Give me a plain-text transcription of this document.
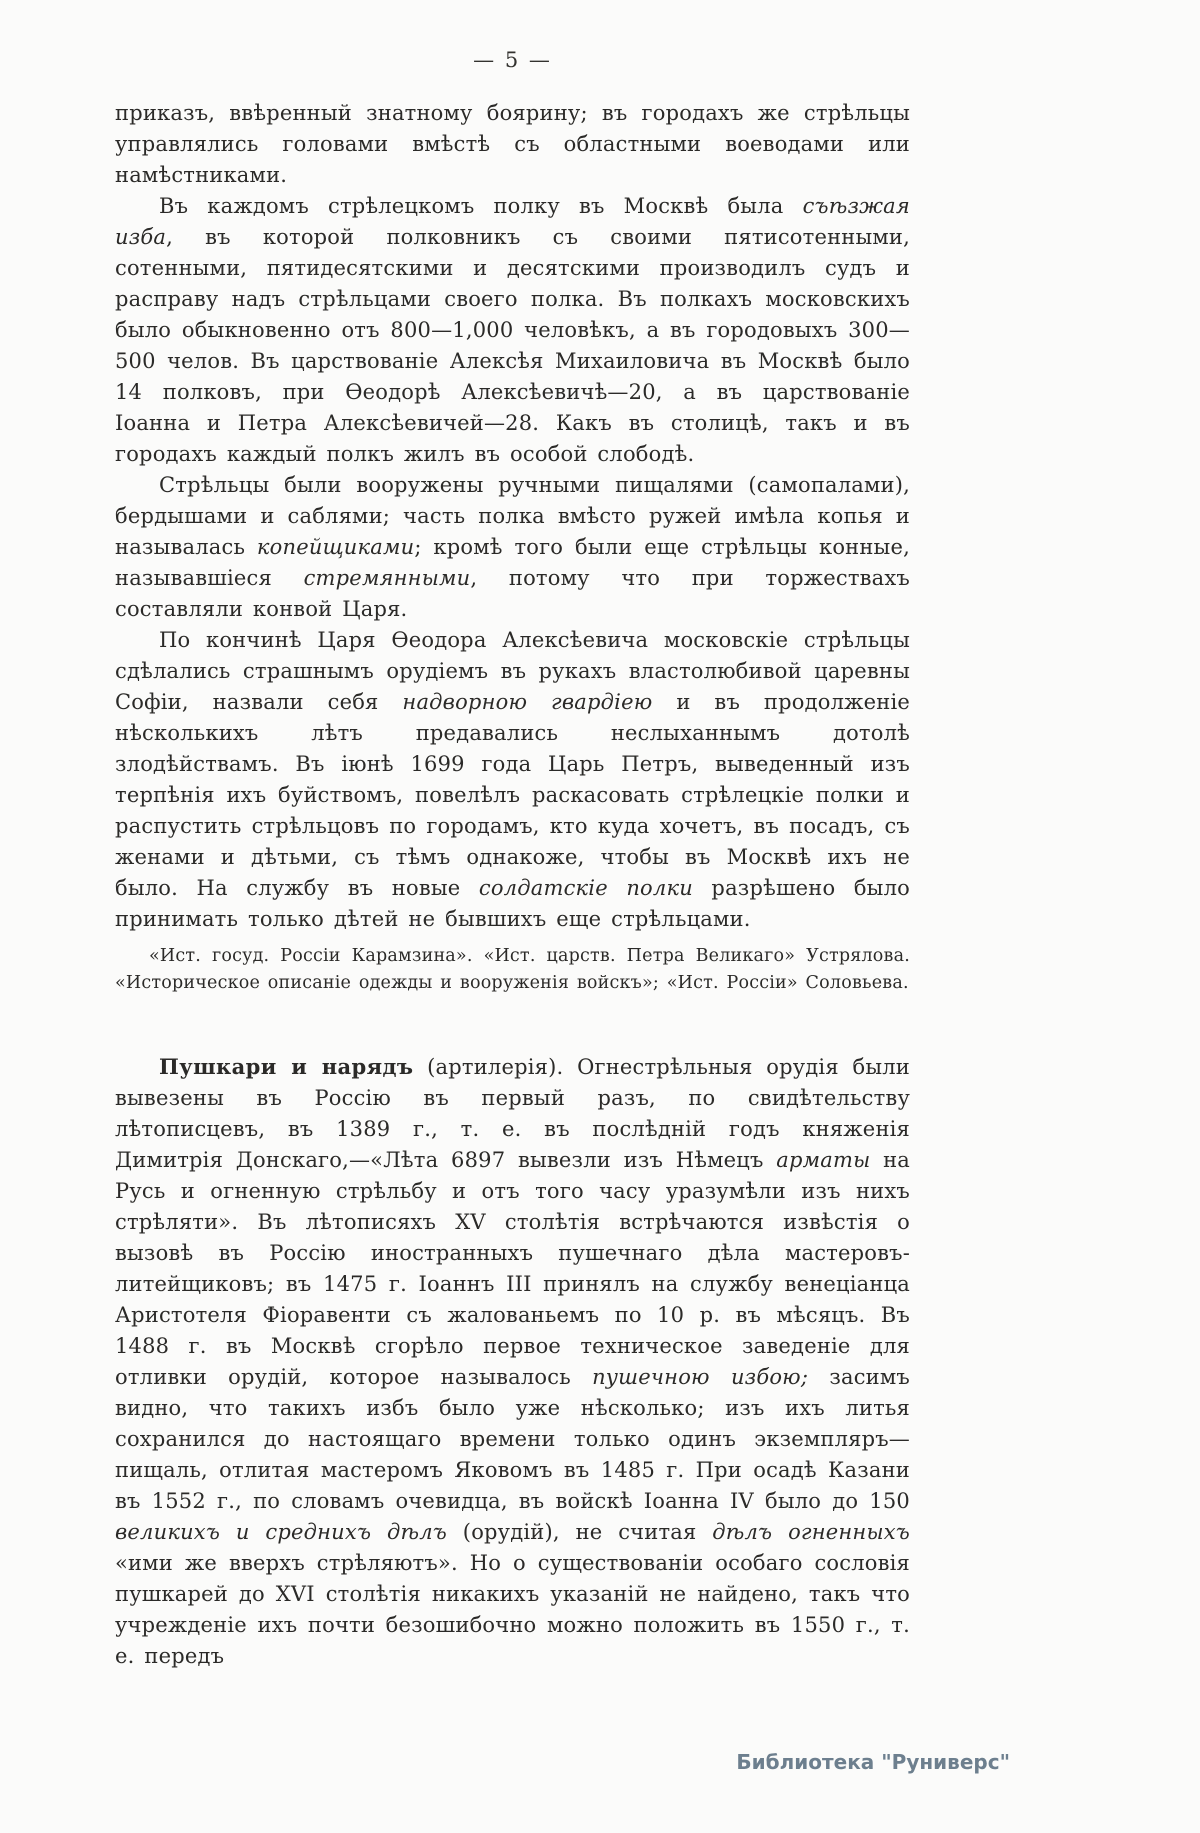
— 5 —

приказъ, ввѣренный знатному боярину; въ городахъ же стрѣльцы управлялись головами вмѣстѣ съ областными воеводами или намѣстниками.

Въ каждомъ стрѣлецкомъ полку въ Москвѣ была съѣзжая изба, въ которой полковникъ съ своими пятисотенными, сотенными, пятидесятскими и десятскими производилъ судъ и расправу надъ стрѣльцами своего полка. Въ полкахъ московскихъ было обыкновенно отъ 800—1,000 человѣкъ, а въ городовыхъ 300—500 челов. Въ царствованіе Алексѣя Михаиловича въ Москвѣ было 14 полковъ, при Ѳеодорѣ Алексѣевичѣ—20, а въ царствованіе Іоанна и Петра Алексѣевичей—28. Какъ въ столицѣ, такъ и въ городахъ каждый полкъ жилъ въ особой слободѣ.

Стрѣльцы были вооружены ручными пищалями (самопалами), бердышами и саблями; часть полка вмѣсто ружей имѣла копья и называлась копейщиками; кромѣ того были еще стрѣльцы конные, называвшіеся стремянными, потому что при торжествахъ составляли конвой Царя.

По кончинѣ Царя Ѳеодора Алексѣевича московскіе стрѣльцы сдѣлались страшнымъ орудіемъ въ рукахъ властолюбивой царевны Софіи, назвали себя надворною гвардіею и въ продолженіе нѣсколькихъ лѣтъ предавались неслыханнымъ дотолѣ злодѣйствамъ. Въ іюнѣ 1699 года Царь Петръ, выведенный изъ терпѣнія ихъ буйствомъ, повелѣлъ раскасовать стрѣлецкіе полки и распустить стрѣльцовъ по городамъ, кто куда хочетъ, въ посадъ, съ женами и дѣтьми, съ тѣмъ однакоже, чтобы въ Москвѣ ихъ не было. На службу въ новые солдатскіе полки разрѣшено было принимать только дѣтей не бывшихъ еще стрѣльцами.

«Ист. госуд. Россіи Карамзина». «Ист. царств. Петра Великаго» Устрялова. «Историческое описаніе одежды и вооруженія войскъ»; «Ист. Россіи» Соловьева.

Пушкари и нарядъ (артилерія). Огнестрѣльныя орудія были вывезены въ Россію въ первый разъ, по свидѣтельству лѣтописцевъ, въ 1389 г., т. е. въ послѣдній годъ княженія Димитрія Донскаго,—«Лѣта 6897 вывезли изъ Нѣмецъ арматы на Русь и огненную стрѣльбу и отъ того часу уразумѣли изъ нихъ стрѣляти». Въ лѣтописяхъ XV столѣтія встрѣчаются извѣстія о вызовѣ въ Россію иностранныхъ пушечнаго дѣла мастеровъ-литейщиковъ; въ 1475 г. Іоаннъ III принялъ на службу венеціанца Аристотеля Фіоравенти съ жалованьемъ по 10 р. въ мѣсяцъ. Въ 1488 г. въ Москвѣ сгорѣло первое техническое заведеніе для отливки орудій, которое называлось пушечною избою; засимъ видно, что такихъ избъ было уже нѣсколько; изъ ихъ литья сохранился до настоящаго времени только одинъ экземпляръ—пищаль, отлитая мастеромъ Яковомъ въ 1485 г. При осадѣ Казани въ 1552 г., по словамъ очевидца, въ войскѣ Іоанна IV было до 150 великихъ и среднихъ дѣлъ (орудій), не считая дѣлъ огненныхъ «ими же вверхъ стрѣляютъ». Но о существованіи особаго сословія пушкарей до XVI столѣтія никакихъ указаній не найдено, такъ что учрежденіе ихъ почти безошибочно можно положить въ 1550 г., т. е. передъ

Библиотека "Руниверс"
